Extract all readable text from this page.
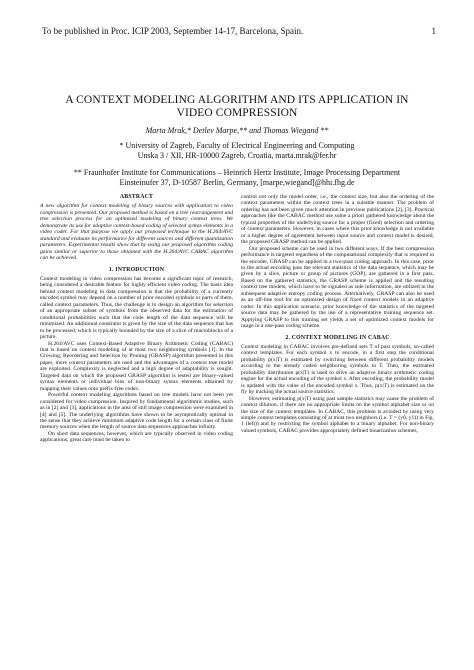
To be published in Proc. ICIP 2003, September 14-17, Barcelona, Spain.	1
A CONTEXT MODELING ALGORITHM AND ITS APPLICATION IN
VIDEO COMPRESSION
Marta Mrak,* Detlev Marpe,** and Thomas Wiegand **
* University of Zagreb, Faculty of Electrical Engineering and Computing
Unska 3 / XII, HR-10000 Zagreb, Croatia, marta.mrak@fer.hr
** Fraunhofer Institute for Communications – Heinrich Hertz Institute, Image Processing Department
Einsteinufer 37, D-10587 Berlin, Germany, [marpe,wiegand]@hhi.fhg.de
ABSTRACT

A new algorithm for context modeling of binary sources with application to video compression is presented. Our proposed method is based on a tree rearrangement and tree selection process for an optimized modeling of binary context trees. We demonstrate its use for adaptive context-based coding of selected syntax elements in a video coder. For that purpose we apply our proposed technique to the H.264/AVC standard and evaluate its performance for different sources and different quantization parameters. Experimental results show that by using our proposed algorithm coding gains similar or superior to those obtained with the H.264/AVC CABAC algorithm can be achieved.

1. INTRODUCTION

Context modeling in video compression has become a significant topic of research, being considered a desirable feature for highly efficient video coding. The basic idea behind context modeling in data compression is that the probability of a currently encoded symbol may depend on a number of prior encoded symbols or parts of them, called context parameters. Thus, the challenge is to design an algorithm for selection of an appropriate subset of symbols from the observed data for the estimation of conditional probabilities such that the code length of the data sequence will be minimized. An additional constraint is given by the size of the data sequence that has to be processed, which is typically bounded by the size of a slice of macroblocks of a picture.

H.264/AVC uses Context-Based Adaptive Binary Arithmetic Coding (CABAC) that is based on context modeling of at most two neighboring symbols [1]. In the Growing, Reordering and Selection by Pruning (GRASP) algorithm presented in this paper, more context parameters are used and the advantages of a context tree model are exploited. Complexity is neglected and a high degree of adaptability is sought. Targeted data on which the proposed GRASP algorithm is tested are binary-valued syntax elements or individual bins of non-binary syntax elements obtained by mapping their values onto prefix-free codes.

Powerful context modeling algorithms based on tree models have not been yet considered for video compression. Inspired by fundamental algorithmic studies, such as in [2] and [3], applications in the area of still image compression were examined in [4] and [5]. The underlying algorithms have shown to be asymptotically optimal in the sense that they achieve minimum adaptive code length for a certain class of finite memory sources when the length of source data sequences approaches infinity.

On short data sequences, however, which are typically observed in video coding applications, great care must be taken to

control not only the model order, i.e., the context size, but also the ordering of the context parameters within the context trees in a suitable manner. The problem of ordering has not been given much attention in previous publications [2], [3]. Practical approaches like the CABAC method use some a priori gathered knowledge about the typical properties of the underlying source for a proper (fixed) selection and ordering of context parameters. However, in cases where this prior knowledge is not available or a higher degree of agreement between input source and context model is desired, the proposed GRASP method can be applied.

Our proposed scheme can be used in two different ways. If the best compression performance is targeted regardless of the computational complexity that is required in the encoder, GRASP can be applied in a two-pass coding approach. In this case, prior to the actual encoding pass the relevant statistics of the data sequence, which may be given by a slice, picture or group of pictures (GOP), are gathered in a first pass. Based on the gathered statistics, the GRASP scheme is applied and the resulting context tree models, which have to be signaled as side information, are utilized in the subsequent adaptive entropy coding process. Alternatively, GRASP can also be used as an off-line tool for an optimized design of fixed context models in an adaptive coder. In this application scenario, prior knowledge of the statistics of the targeted source data may be gathered by the use of a representative training sequence set. Applying GRASP to this training set yields a set of optimized context models for usage in a one-pass coding scheme.

2. CONTEXT MODELING IN CABAC

Context modeling in CABAC involves pre-defined sets T of past symbols, so-called context templates. For each symbol x to encode, in a first step the conditional probability p(x|T) is estimated by switching between different probability models according to the already coded neighboring symbols in T. Then, the estimated probability distribution p(x|T) is used to drive an adaptive binary arithmetic coding engine for the actual encoding of the symbol x. After encoding, the probability model is updated with the value of the encoded symbol x. Thus, p(x|T) is estimated on the fly by tracking the actual source statistics.

However, estimating p(x|T) using past sample statistics may cause the problem of context dilution, if there are no appropriate limits on the symbol alphabet size or on the size of the context templates. In CABAC, this problem is avoided by using very simple context templates consisting of at most two neighbors (i.e. T = (y0, y1)) in Fig. 1 (left)) and by restricting the symbol alphabet to a binary alphabet. For non-binary valued symbols, CABAC provides appropriately defined binarization schemes,
